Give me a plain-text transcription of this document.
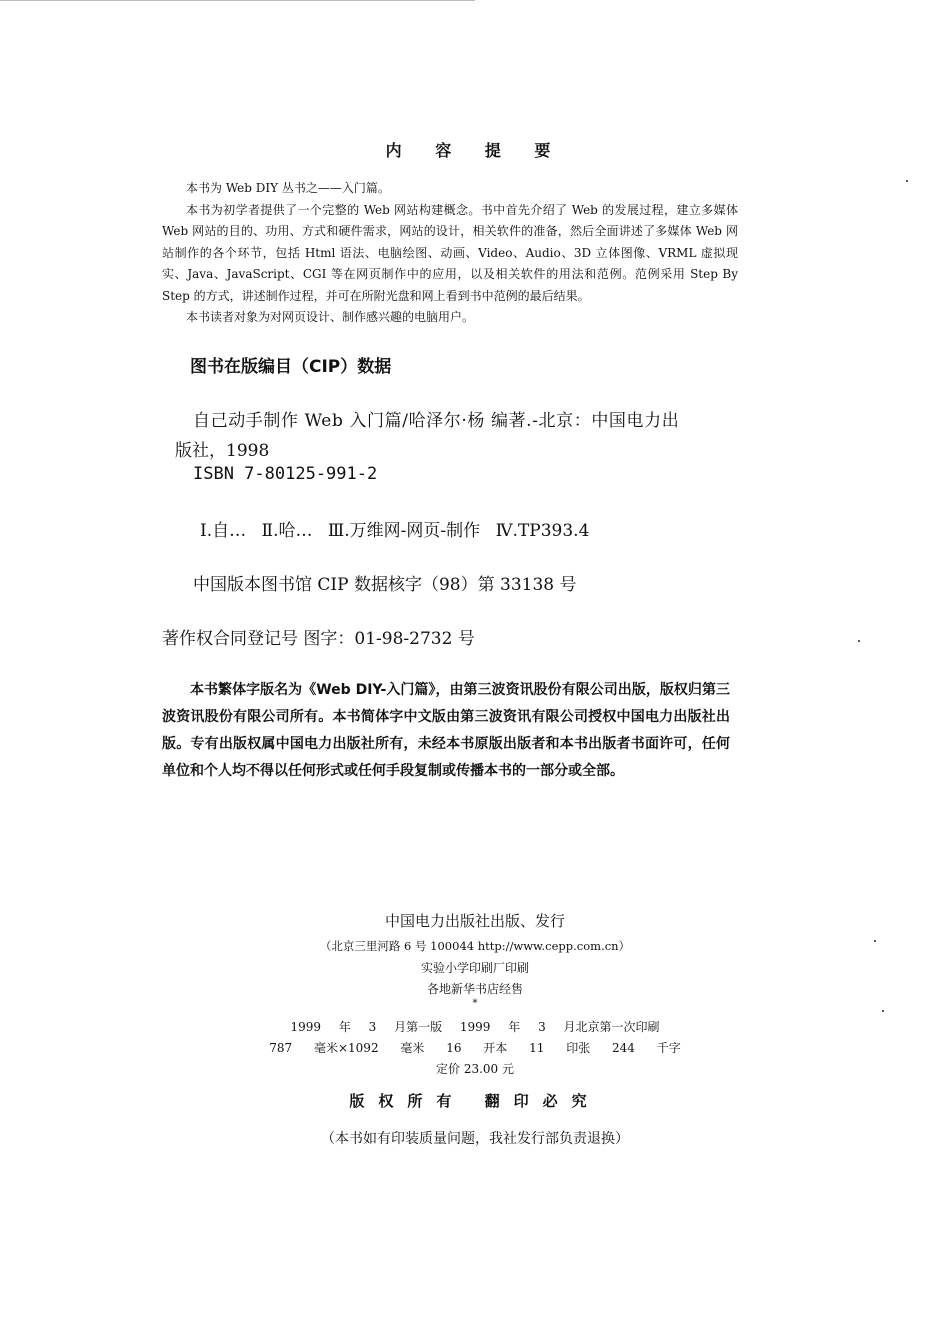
内 容 提 要

本书为 Web DIY 丛书之——入门篇。

本书为初学者提供了一个完整的 Web 网站构建概念。书中首先介绍了 Web 的发展过程，建立多媒体 Web 网站的目的、功用、方式和硬件需求，网站的设计，相关软件的准备，然后全面讲述了多媒体 Web 网站制作的各个环节，包括 Html 语法、电脑绘图、动画、Video、Audio、3D 立体图像、VRML 虚拟现实、Java、JavaScript、CGI 等在网页制作中的应用，以及相关软件的用法和范例。范例采用 Step By Step 的方式，讲述制作过程，并可在所附光盘和网上看到书中范例的最后结果。

本书读者对象为对网页设计、制作感兴趣的电脑用户。

图书在版编目（CIP）数据
自己动手制作 Web 入门篇/哈泽尔·杨 编著.-北京：中国电力出
版社，1998
ISBN 7-80125-991-2
Ⅰ.自… Ⅱ.哈… Ⅲ.万维网-网页-制作 Ⅳ.TP393.4
中国版本图书馆 CIP 数据核字（98）第 33138 号
著作权合同登记号 图字：01-98-2732 号

本书繁体字版名为《Web DIY-入门篇》，由第三波资讯股份有限公司出版，版权归第三波资讯股份有限公司所有。本书简体字中文版由第三波资讯有限公司授权中国电力出版社出版。专有出版权属中国电力出版社所有，未经本书原版出版者和本书出版者书面许可，任何单位和个人均不得以任何形式或任何手段复制或传播本书的一部分或全部。

中国电力出版社出版、发行
（北京三里河路 6 号 100044 http://www.cepp.com.cn）
实验小学印刷厂印刷
各地新华书店经售
*
1999 年 3 月第一版 1999 年 3 月北京第一次印刷
787 毫米×1092 毫米 16 开本 11 印张 244 千字
定价 23.00 元
版权所有 翻印必究
（本书如有印装质量问题，我社发行部负责退换）
